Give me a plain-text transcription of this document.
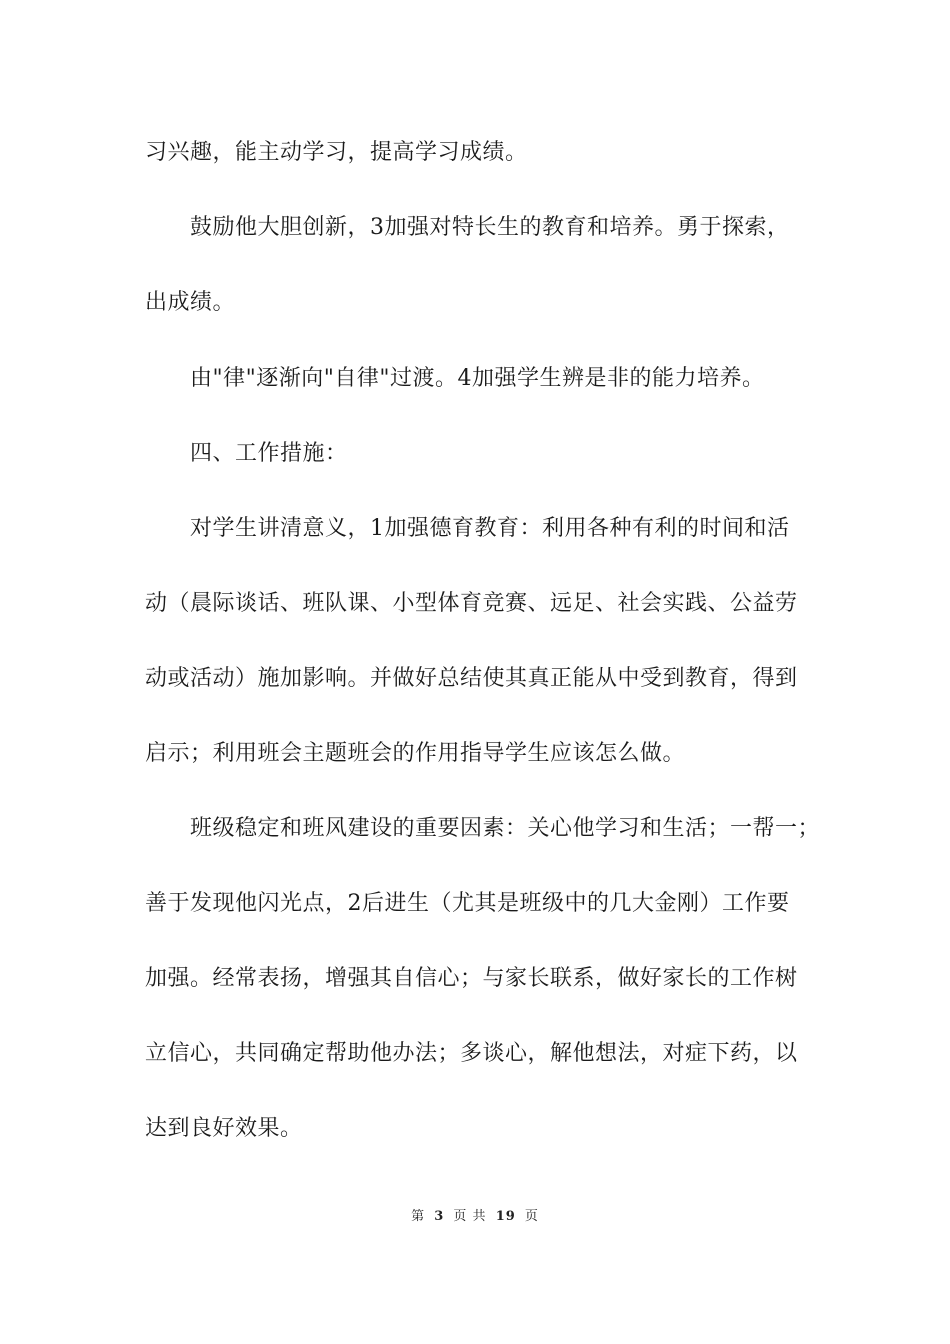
习兴趣，能主动学习，提高学习成绩。
鼓励他大胆创新，3加强对特长生的教育和培养。勇于探索，
出成绩。
由"律"逐渐向"自律"过渡。4加强学生辨是非的能力培养。
四、工作措施：
对学生讲清意义，1加强德育教育：利用各种有利的时间和活
动（晨际谈话、班队课、小型体育竞赛、远足、社会实践、公益劳
动或活动）施加影响。并做好总结使其真正能从中受到教育，得到
启示；利用班会主题班会的作用指导学生应该怎么做。
班级稳定和班风建设的重要因素：关心他学习和生活；一帮一；
善于发现他闪光点，2后进生（尤其是班级中的几大金刚）工作要
加强。经常表扬，增强其自信心；与家长联系，做好家长的工作树
立信心，共同确定帮助他办法；多谈心，解他想法，对症下药，以
达到良好效果。
第 3 页 共 19 页
